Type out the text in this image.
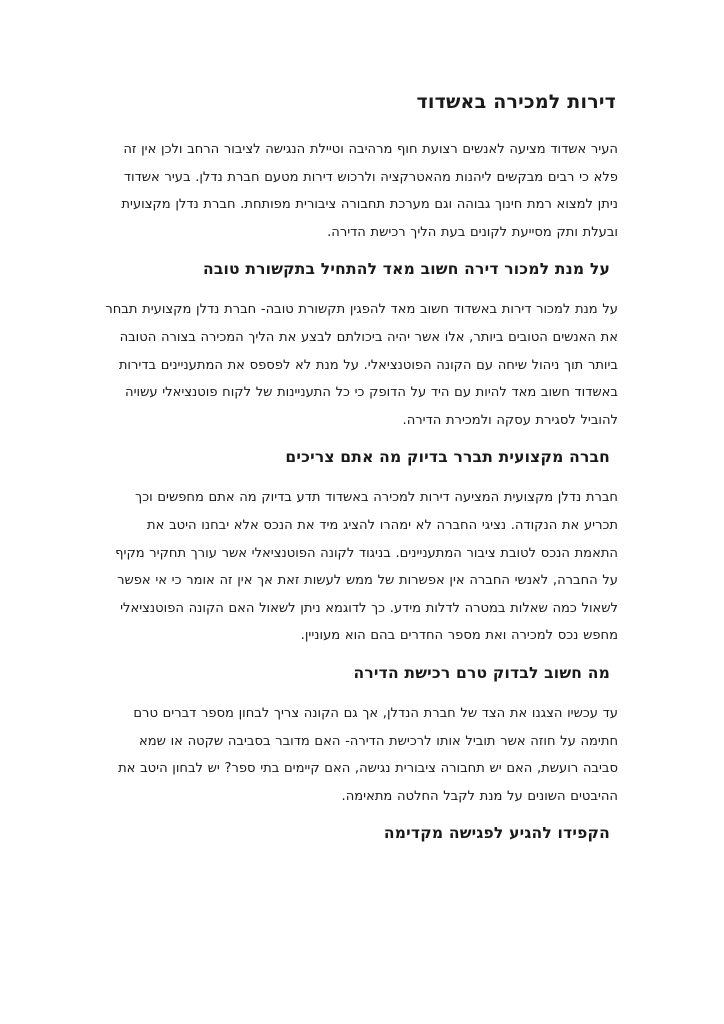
דירות למכירה באשדוד

העיר אשדוד מציעה לאנשים רצועת חוף מרהיבה וטיילת הנגישה לציבור הרחב ולכן אין זה פלא כי רבים מבקשים ליהנות מהאטרקציה ולרכוש דירות מטעם חברת נדלן. בעיר אשדוד ניתן למצוא רמת חינוך גבוהה וגם מערכת תחבורה ציבורית מפותחת. חברת נדלן מקצועית ובעלת ותק מסייעת לקונים בעת הליך רכישת הדירה.

על מנת למכור דירה חשוב מאד להתחיל בתקשורת טובה

על מנת למכור דירות באשדוד חשוב מאד להפגין תקשורת טובה- חברת נדלן מקצועית תבחר את האנשים הטובים ביותר, אלו אשר יהיה ביכולתם לבצע את הליך המכירה בצורה הטובה ביותר תוך ניהול שיחה עם הקונה הפוטנציאלי. על מנת לא לפספס את המתעניינים בדירות באשדוד חשוב מאד להיות עם היד על הדופק כי כל התעניינות של לקוח פוטנציאלי עשויה להוביל לסגירת עסקה ולמכירת הדירה.

חברה מקצועית תברר בדיוק מה אתם צריכים

חברת נדלן מקצועית המציעה דירות למכירה באשדוד תדע בדיוק מה אתם מחפשים וכך תכריע את הנקודה. נציגי החברה לא ימהרו להציג מיד את הנכס אלא יבחנו היטב את התאמת הנכס לטובת ציבור המתעניינים. בניגוד לקונה הפוטנציאלי אשר עורך תחקיר מקיף על החברה, לאנשי החברה אין אפשרות של ממש לעשות זאת אך אין זה אומר כי אי אפשר לשאול כמה שאלות במטרה לדלות מידע. כך לדוגמא ניתן לשאול האם הקונה הפוטנציאלי מחפש נכס למכירה ואת מספר החדרים בהם הוא מעוניין.

מה חשוב לבדוק טרם רכישת הדירה

עד עכשיו הצגנו את הצד של חברת הנדלן, אך גם הקונה צריך לבחון מספר דברים טרם חתימה על חוזה אשר תוביל אותו לרכישת הדירה- האם מדובר בסביבה שקטה או שמא סביבה רועשת, האם יש תחבורה ציבורית נגישה, האם קיימים בתי ספר? יש לבחון היטב את ההיבטים השונים על מנת לקבל החלטה מתאימה.

הקפידו להגיע לפגישה מקדימה
